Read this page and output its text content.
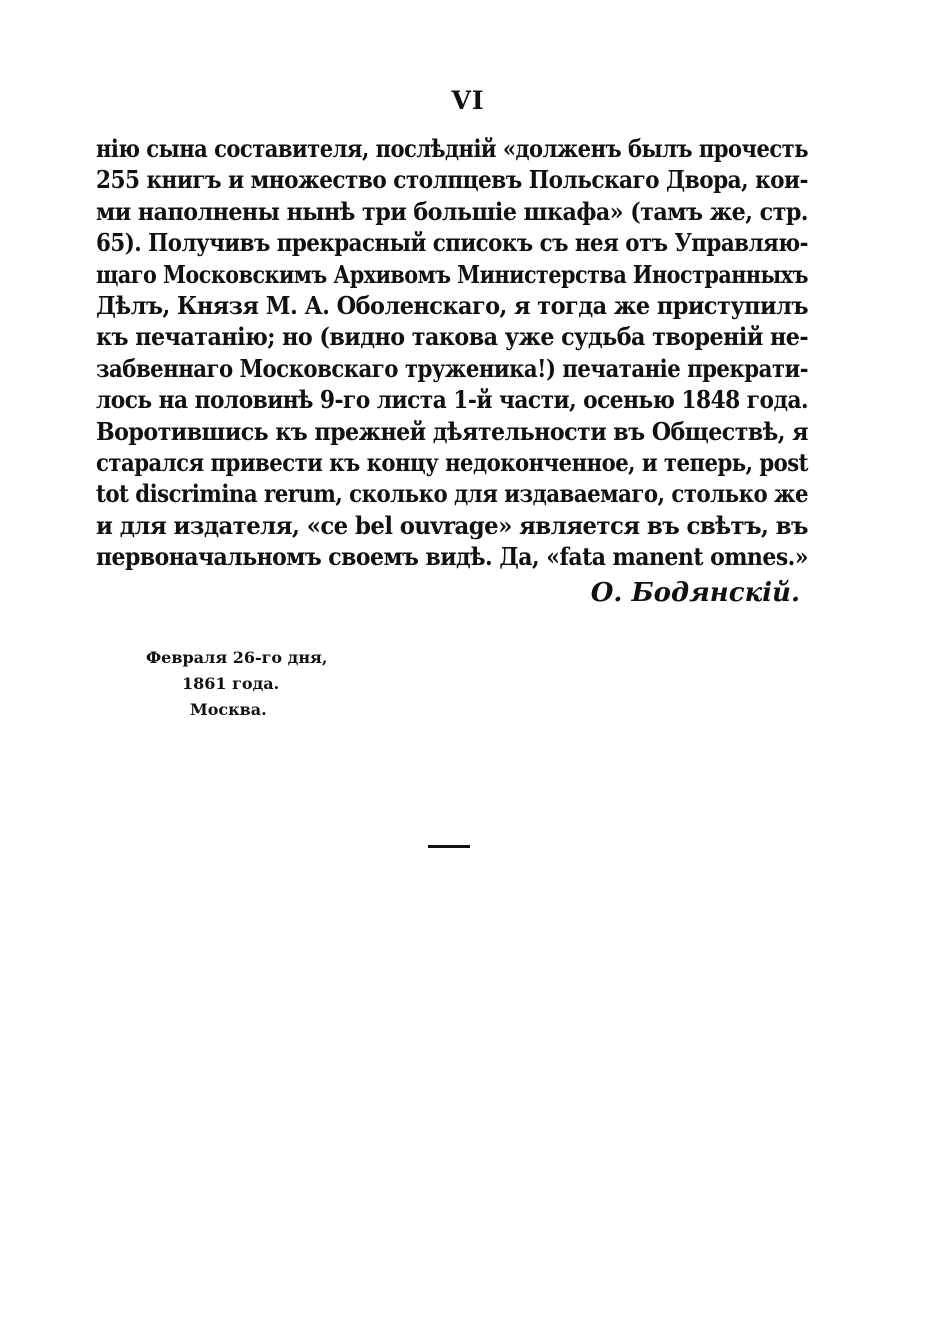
VI
нію сына составителя, послѣднiй «долженъ былъ прочесть
255 книгъ и множество столпцевъ Польскаго Двора, кои-
ми наполнены нынѣ три большiе шкафа» (тамъ же, стр.
65). Получивъ прекрасный списокъ съ нея отъ Управляю-
щаго Московскимъ Архивомъ Министерства Иностранныхъ
Дѣлъ, Князя М. А. Оболенскаго, я тогда же приступилъ
къ печатанiю; но (видно такова уже судьба творенiй не-
забвеннаго Московскаго труженика!) печатанiе прекрати-
лось на половинѣ 9-го листа 1-й части, осенью 1848 года.
Воротившись къ прежней дѣятельности въ Обществѣ, я
старался привести къ концу недоконченное, и теперь, post
tot discrimina rerum, сколько для издаваемаго, столько же
и для издателя, «ce bel ouvrage» является въ свѣтъ, въ
первоначальномъ своемъ видѣ. Да, «fata manent omnes.»
О. Бодянскiй.
Февраля 26-го дня,
1861 года.
Москва.
